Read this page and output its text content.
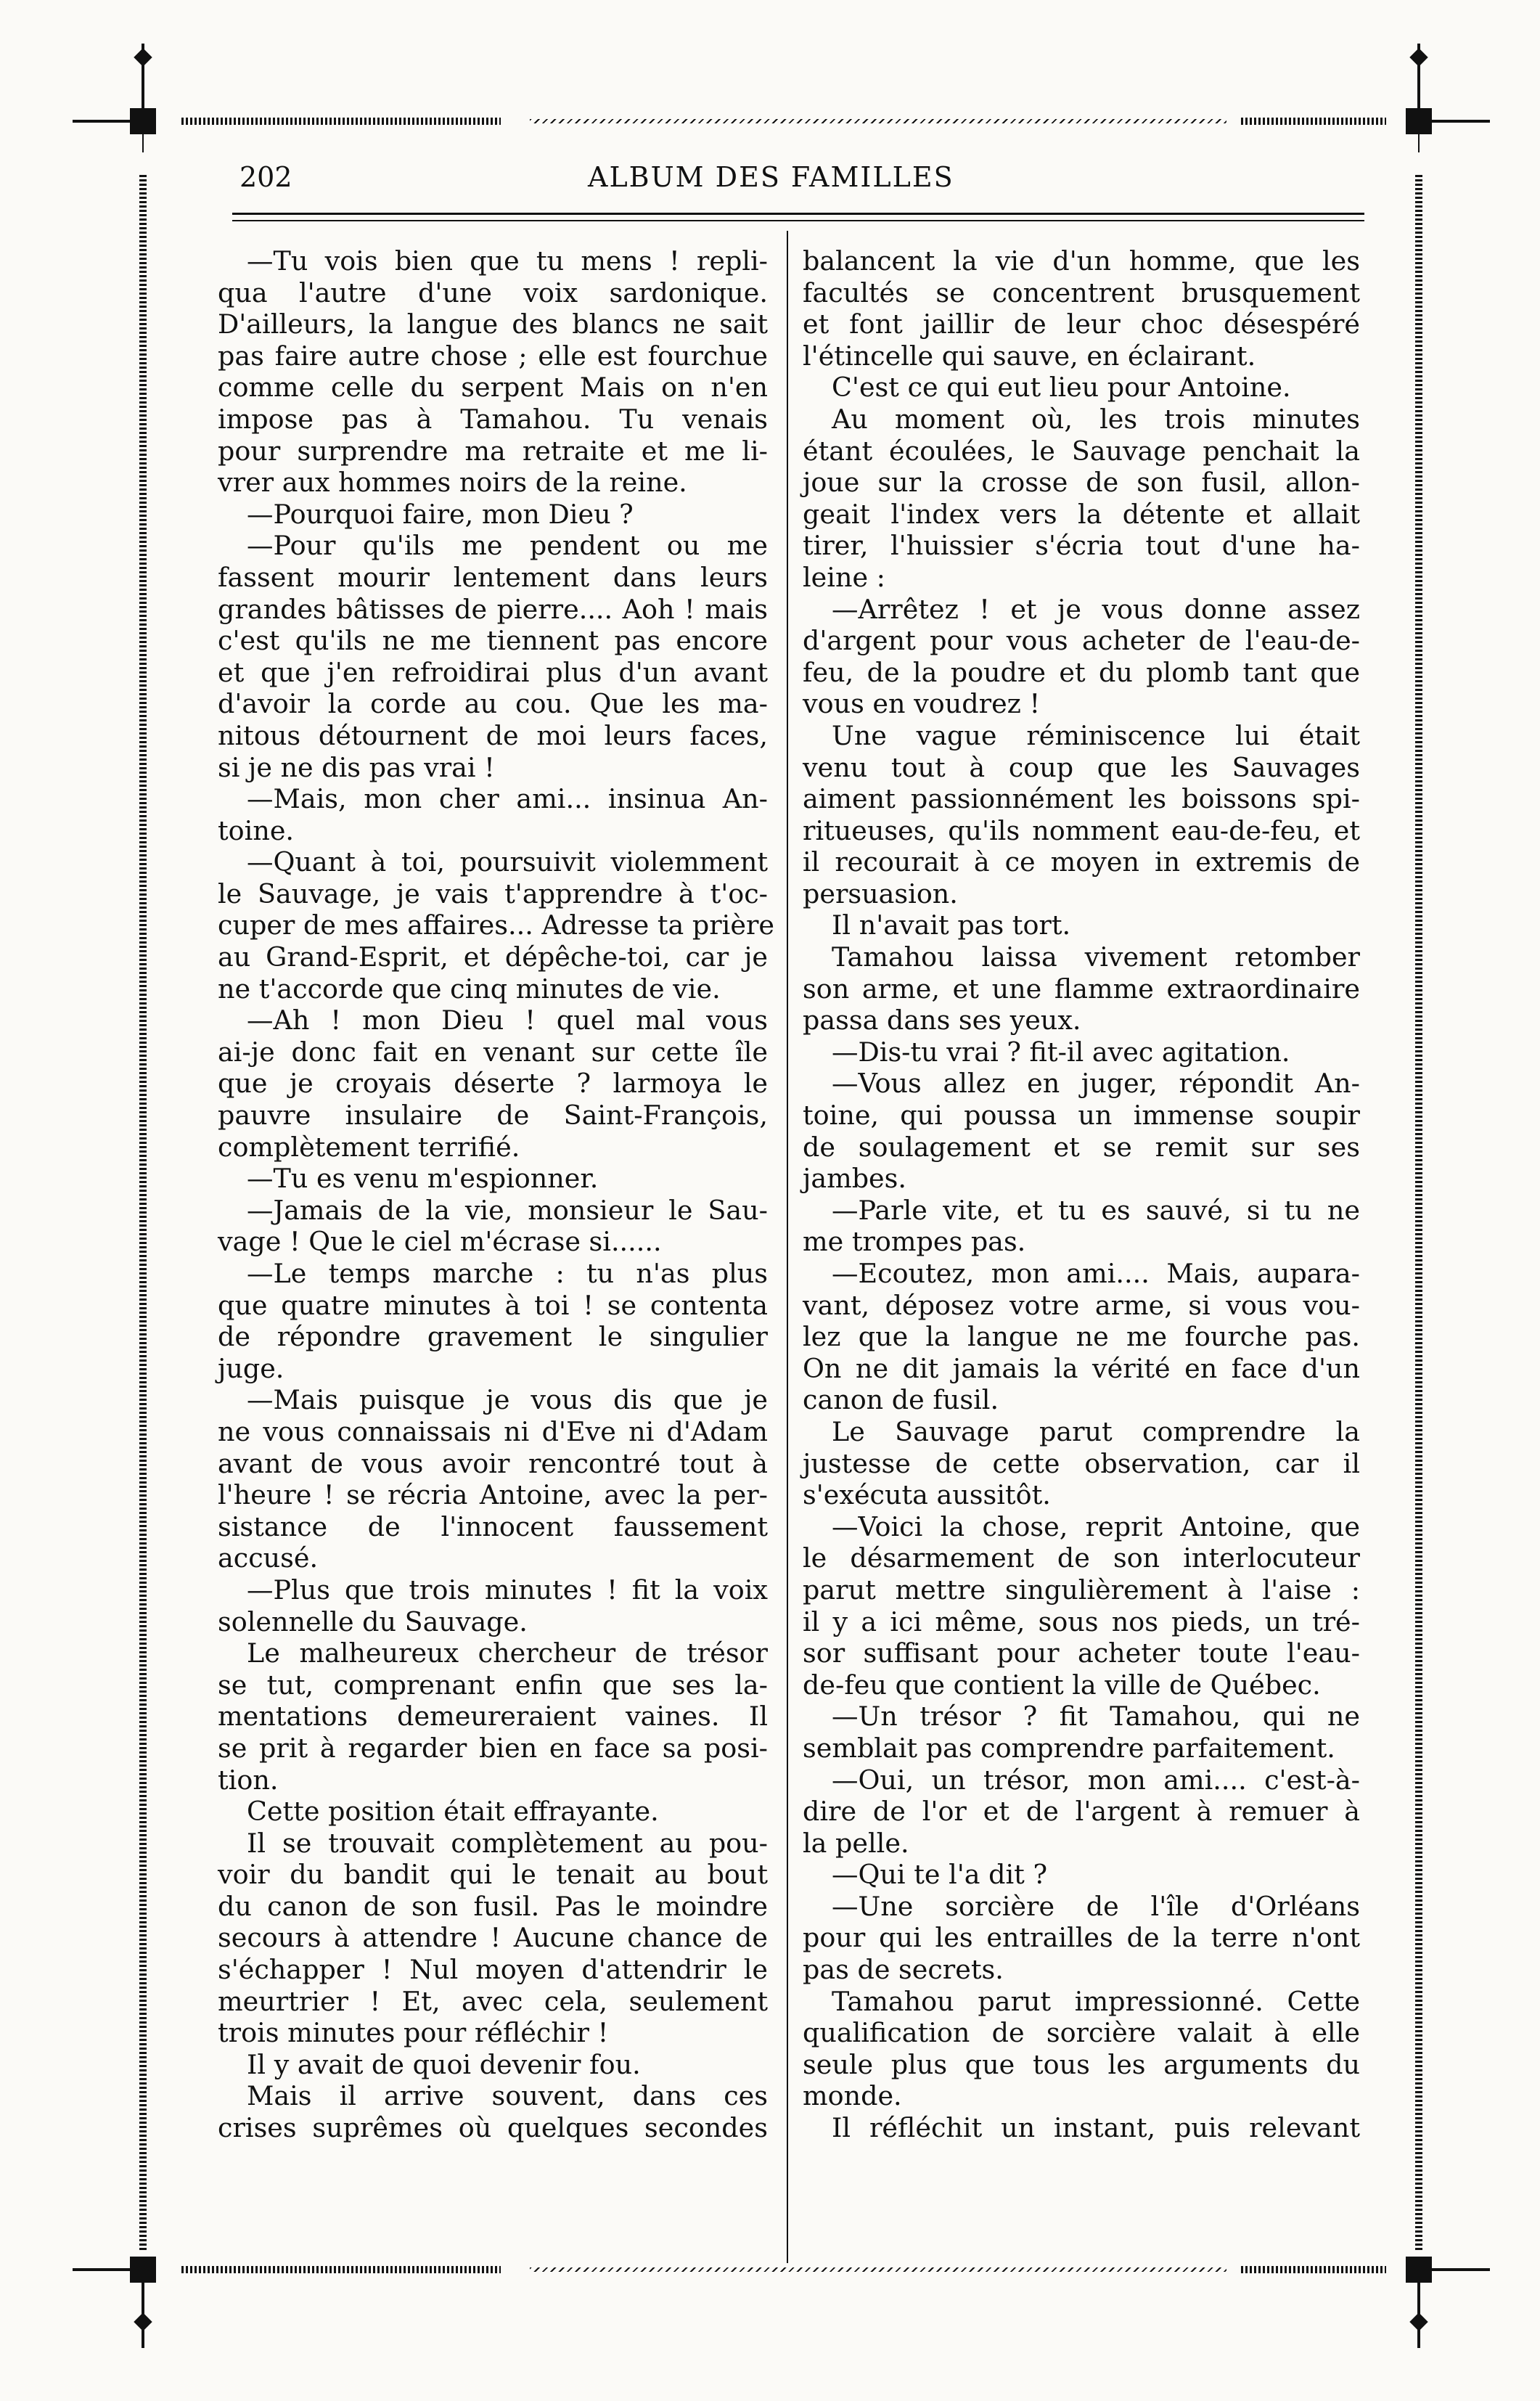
202	ALBUM DES FAMILLES

—Tu vois bien que tu mens ! repli-
qua l'autre d'une voix sardonique.
D'ailleurs, la langue des blancs ne sait
pas faire autre chose ; elle est fourchue
comme celle du serpent Mais on n'en
impose pas à Tamahou. Tu venais
pour surprendre ma retraite et me li-
vrer aux hommes noirs de la reine.

—Pourquoi faire, mon Dieu ?

—Pour qu'ils me pendent ou me
fassent mourir lentement dans leurs
grandes bâtisses de pierre.... Aoh ! mais
c'est qu'ils ne me tiennent pas encore
et que j'en refroidirai plus d'un avant
d'avoir la corde au cou. Que les ma-
nitous détournent de moi leurs faces,
si je ne dis pas vrai !

—Mais, mon cher ami... insinua An-
toine.

—Quant à toi, poursuivit violemment
le Sauvage, je vais t'apprendre à t'oc-
cuper de mes affaires... Adresse ta prière
au Grand-Esprit, et dépêche-toi, car je
ne t'accorde que cinq minutes de vie.

—Ah ! mon Dieu ! quel mal vous
ai-je donc fait en venant sur cette île
que je croyais déserte ? larmoya le
pauvre insulaire de Saint-François,
complètement terrifié.

—Tu es venu m'espionner.

—Jamais de la vie, monsieur le Sau-
vage ! Que le ciel m'écrase si......

—Le temps marche : tu n'as plus
que quatre minutes à toi ! se contenta
de répondre gravement le singulier
juge.

—Mais puisque je vous dis que je
ne vous connaissais ni d'Eve ni d'Adam
avant de vous avoir rencontré tout à
l'heure ! se récria Antoine, avec la per-
sistance de l'innocent faussement
accusé.

—Plus que trois minutes ! fit la voix
solennelle du Sauvage.

Le malheureux chercheur de trésor
se tut, comprenant enfin que ses la-
mentations demeureraient vaines. Il
se prit à regarder bien en face sa posi-
tion.

Cette position était effrayante.

Il se trouvait complètement au pou-
voir du bandit qui le tenait au bout
du canon de son fusil. Pas le moindre
secours à attendre ! Aucune chance de
s'échapper ! Nul moyen d'attendrir le
meurtrier ! Et, avec cela, seulement
trois minutes pour réfléchir !

Il y avait de quoi devenir fou.

Mais il arrive souvent, dans ces
crises suprêmes où quelques secondes

balancent la vie d'un homme, que les
facultés se concentrent brusquement
et font jaillir de leur choc désespéré
l'étincelle qui sauve, en éclairant.

C'est ce qui eut lieu pour Antoine.

Au moment où, les trois minutes
étant écoulées, le Sauvage penchait la
joue sur la crosse de son fusil, allon-
geait l'index vers la détente et allait
tirer, l'huissier s'écria tout d'une ha-
leine :

—Arrêtez ! et je vous donne assez
d'argent pour vous acheter de l'eau-de-
feu, de la poudre et du plomb tant que
vous en voudrez !

Une vague réminiscence lui était
venu tout à coup que les Sauvages
aiment passionnément les boissons spi-
ritueuses, qu'ils nomment eau-de-feu, et
il recourait à ce moyen in extremis de
persuasion.

Il n'avait pas tort.

Tamahou laissa vivement retomber
son arme, et une flamme extraordinaire
passa dans ses yeux.

—Dis-tu vrai ? fit-il avec agitation.

—Vous allez en juger, répondit An-
toine, qui poussa un immense soupir
de soulagement et se remit sur ses
jambes.

—Parle vite, et tu es sauvé, si tu ne
me trompes pas.

—Ecoutez, mon ami.... Mais, aupara-
vant, déposez votre arme, si vous vou-
lez que la langue ne me fourche pas.
On ne dit jamais la vérité en face d'un
canon de fusil.

Le Sauvage parut comprendre la
justesse de cette observation, car il
s'exécuta aussitôt.

—Voici la chose, reprit Antoine, que
le désarmement de son interlocuteur
parut mettre singulièrement à l'aise :
il y a ici même, sous nos pieds, un tré-
sor suffisant pour acheter toute l'eau-
de-feu que contient la ville de Québec.

—Un trésor ? fit Tamahou, qui ne
semblait pas comprendre parfaitement.

—Oui, un trésor, mon ami.... c'est-à-
dire de l'or et de l'argent à remuer à
la pelle.

—Qui te l'a dit ?

—Une sorcière de l'île d'Orléans
pour qui les entrailles de la terre n'ont
pas de secrets.

Tamahou parut impressionné. Cette
qualification de sorcière valait à elle
seule plus que tous les arguments du
monde.

Il réfléchit un instant, puis relevant
